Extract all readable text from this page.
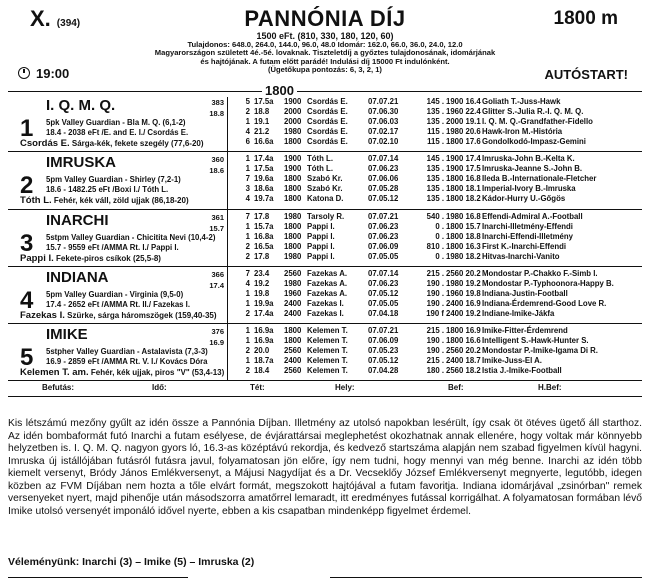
X. (394)	PANNÓNIA DÍJ	1800 m
1500 eFt. (810, 330, 180, 120, 60)
Tulajdonos: 648.0, 264.0, 144.0, 96.0, 48.0 Idomár: 162.0, 66.0, 36.0, 24.0, 12.0
Magyarországon született 4é.-5é. lovaknak. Tiszteletdíj a győztes tulajdonosának, idomárjának
és hajtójának. A futam előtt parádé! Indulási díj 15000 Ft indulónként.
(Ügetőkupa pontozás: 6, 3, 2, 1)
19:00	AUTÓSTART!
1800
1
I. Q. M. Q.	383
18.8
5pk Valley Guardian - Bla M. Q. (6,1-2)
18.4 - 2038 eFt /E. and E. I./ Csordás E.
Csordás E. Sárga-kék, fekete szegély (77,6-20)
5 17.5a 1900 Csordás E.	07.07.21	145 . 1900 16.4 Goliath T.-Juss-Hawk
2 18.8 2000 Csordás E.	07.06.30	135 . 1960 22.4 Glitter S.-Julia R.-I. Q. M. Q.
1 19.1 2000 Csordás E.	07.06.03	135 . 2000 19.1 I. Q. M. Q.-Grandfather-Fidello
4 21.2 1980 Csordás E.	07.02.17	115 . 1980 20.6 Hawk-Iron M.-História
6 16.6a 1800 Csordás E.	07.02.10	115 . 1800 17.6 Gondolkodó-Impasz-Gemini
2
IMRUSKA	360
18.6
5pm Valley Guardian - Shirley (7,2-1)
18.6 - 1482.25 eFt /Boxi I./ Tóth L.
Tóth L. Fehér, kék váll, zöld ujjak (86,18-20)
1 17.4a 1900 Tóth L.	07.07.14	145 . 1900 17.4 Imruska-John B.-Kelta K.
1 17.5a 1900 Tóth L.	07.06.23	135 . 1900 17.5 Imruska-Jeanne S.-John B.
7 19.6a 1800 Szabó Kr.	07.06.06	135 . 1800 16.8 Ileda B.-Internationale-Fletcher
3 18.6a 1800 Szabó Kr.	07.05.28	135 . 1800 18.1 Imperial-Ivory B.-Imruska
4 19.7a 1800 Katona D.	07.05.12	135 . 1800 18.2 Kádor-Hurry U.-Gőgös
3
INARCHI	361
15.7
5stpm Valley Guardian - Chicitita Nevi (10,4-2)
15.7 - 9559 eFt /AMMA Rt. I./ Pappi I.
Pappi I. Fekete-piros csíkok (25,5-8)
7 17.8 1980 Tarsoly R.	07.07.21	540 . 1980 16.8 Effendi-Admiral A.-Football
1 15.7a 1800 Pappi I.	07.06.23	0 . 1800 15.7 Inarchi-Illetmény-Effendi
1 16.8a 1800 Pappi I.	07.06.23	0 . 1800 18.8 Inarchi-Effendi-Illetmény
2 16.5a 1800 Pappi I.	07.06.09	810 . 1800 16.3 First K.-Inarchi-Effendi
2 17.8 1980 Pappi I.	07.05.05	0 . 1980 18.2 Hitvas-Inarchi-Vanito
4
INDIANA	366
17.4
5pm Valley Guardian - Virginia (9,5-0)
17.4 - 2652 eFt /AMMA Rt. II./ Fazekas I.
Fazekas I. Szürke, sárga háromszögek (159,40-35)
7 23.4 2560 Fazekas A.	07.07.14	215 . 2560 20.2 Mondostar P.-Chakko F.-Simb I.
4 19.2 1980 Fazekas A.	07.06.23	190 . 1980 19.2 Mondostar P.-Typhoonora-Happy B.
1 19.8 1960 Fazekas A.	07.05.12	190 . 1960 19.8 Indiana-Justin-Football
1 19.9a 2400 Fazekas I.	07.05.05	190 . 2400 16.9 Indiana-Érdemrend-Good Love R.
2 17.4a 2400 Fazekas I.	07.04.18	190 f 2400 19.2 Indiane-Imike-Jákfa
5
IMIKE	376
16.9
5stpher Valley Guardian - Astalavista (7,3-3)
16.9 - 2859 eFt /AMMA Rt. V. I./ Kovács Dóra
Kelemen T. am. Fehér, kék ujjak, piros "V" (53,4-13)
1 16.9a 1800 Kelemen T.	07.07.21	215 . 1800 16.9 Imike-Fitter-Érdemrend
1 16.9a 1800 Kelemen T.	07.06.09	190 . 1800 16.6 Intelligent S.-Hawk-Hunter S.
2 20.0 2560 Kelemen T.	07.05.23	190 . 2560 20.2 Mondostar P.-Imike-Igama Di R.
1 18.7a 2400 Kelemen T.	07.05.12	215 . 2400 18.7 Imike-Juss-El A.
2 18.4 2560 Kelemen T.	07.04.28	180 . 2560 18.2 Istia J.-Imike-Football
Befutás:	Idő:	Tét:	Hely:	Bef:	H.Bef:
Kis létszámú mezőny gyűlt az idén össze a Pannónia Díjban. Illetmény az utolsó napokban lesérült, így csak öt ötéves ügető áll starthoz. Az idén bombaformát futó Inarchi a futam esélyese, de évjárattársai meglephetést okozhatnak annak ellenére, hogy voltak már könnyebb helyzetben is. I. Q. M. Q. nagyon gyors ló, 16.3-as középtávú rekordja, és kedvező startszáma alapján nem szabad figyelmen kívül hagyni. Imruska új istállójában futásról futásra javul, folyamatosan jön előre, így nem tudni, hogy mennyi van még benne. Inarchi az idén több kiemelt versenyt, Bródy János Emlékversenyt, a Májusi Nagydíjat és a Dr. Vecseklőy József Emlékversenyt megnyerte, legutóbb, idegen közben az FVM Díjában nem hozta a tőle elvárt formát, megszokott hajtójával a futam favoritja. Indiana idomárjával „zsinórban" remek versenyeket nyert, majd pihenője után másodszorra amatőrrel lemaradt, itt eredményes futással korrigálhat. A folyamatosan formában lévő Imike utolsó versenyét imponáló idővel nyerte, ebben a kis csapatban mindenképp figyelmet érdemel.
Véleményünk: Inarchi (3) – Imike (5) – Imruska (2)
